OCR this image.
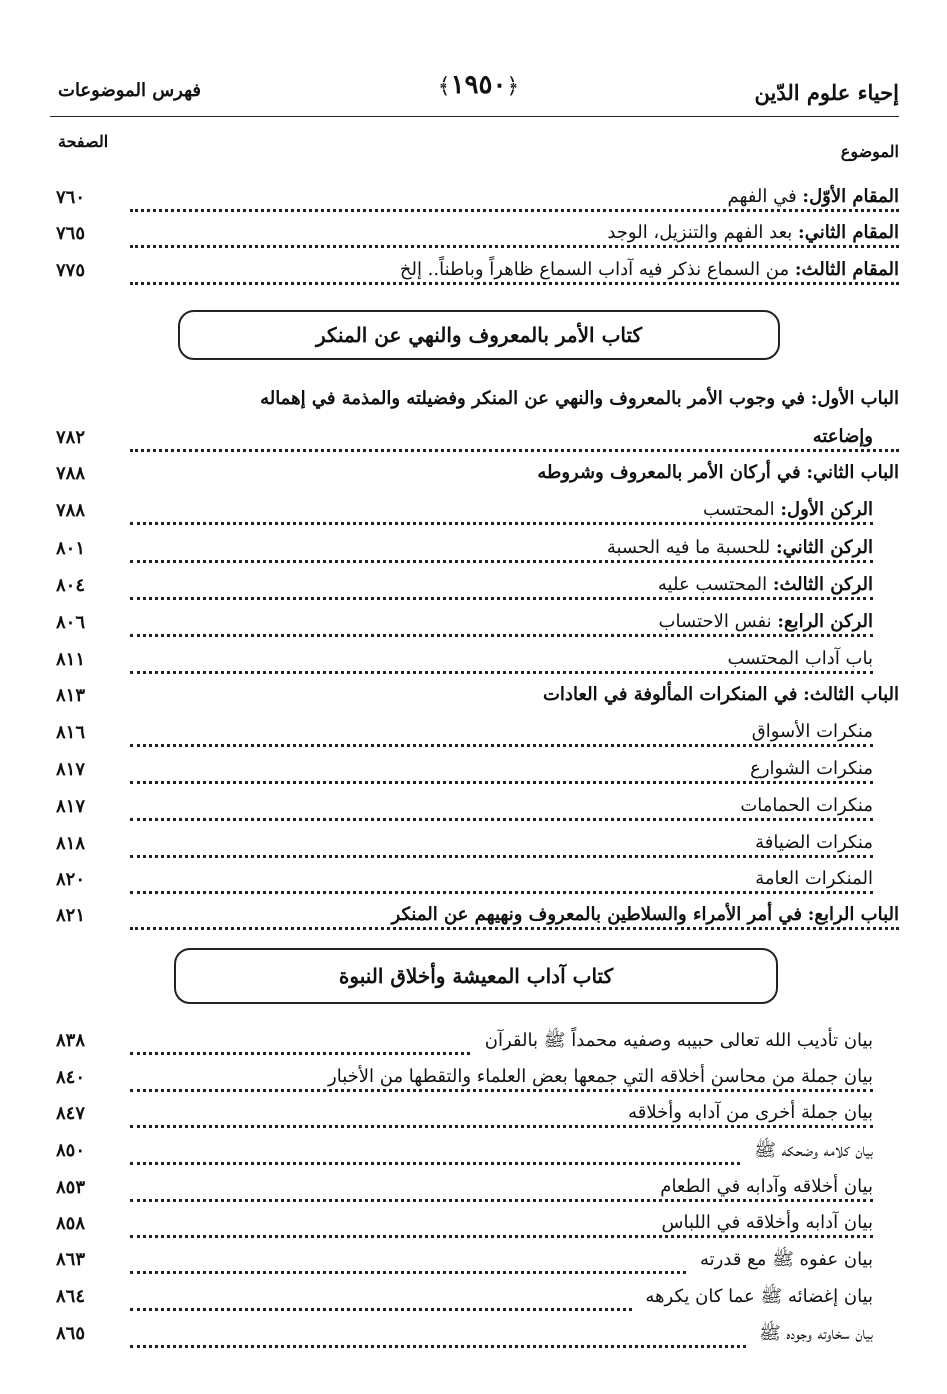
إحياء علوم الدّين
﴿١٩٥٠﴾
فهرس الموضوعات
الموضوع
الصفحة
المقام الأوّل: في الفهم
٧٦٠
المقام الثاني: بعد الفهم والتنزيل، الوجد
٧٦٥
المقام الثالث: من السماع نذكر فيه آداب السماع ظاهراً وباطناً.. إلخ
٧٧٥
كتاب الأمر بالمعروف والنهي عن المنكر
الباب الأول: في وجوب الأمر بالمعروف والنهي عن المنكر وفضيلته والمذمة في إهماله
وإضاعته
٧٨٢
الباب الثاني: في أركان الأمر بالمعروف وشروطه
٧٨٨
الركن الأول: المحتسب
٧٨٨
الركن الثاني: للحسبة ما فيه الحسبة
٨٠١
الركن الثالث: المحتسب عليه
٨٠٤
الركن الرابع: نفس الاحتساب
٨٠٦
باب آداب المحتسب
٨١١
الباب الثالث: في المنكرات المألوفة في العادات
٨١٣
منكرات الأسواق
٨١٦
منكرات الشوارع
٨١٧
منكرات الحمامات
٨١٧
منكرات الضيافة
٨١٨
المنكرات العامة
٨٢٠
الباب الرابع: في أمر الأمراء والسلاطين بالمعروف ونهيهم عن المنكر
٨٢١
كتاب آداب المعيشة وأخلاق النبوة
بيان تأديب الله تعالى حبيبه وصفيه محمداً ﷺ بالقرآن
٨٣٨
بيان جملة من محاسن أخلاقه التي جمعها بعض العلماء والتقطها من الأخبار
٨٤٠
بيان جملة أخرى من آدابه وأخلاقه
٨٤٧
بيان كلامه وضحكه ﷺ
٨٥٠
بيان أخلاقه وآدابه في الطعام
٨٥٣
بيان آدابه وأخلاقه في اللباس
٨٥٨
بيان عفوه ﷺ مع قدرته
٨٦٣
بيان إغضائه ﷺ عما كان يكرهه
٨٦٤
بيان سخاوته وجوده ﷺ
٨٦٥
